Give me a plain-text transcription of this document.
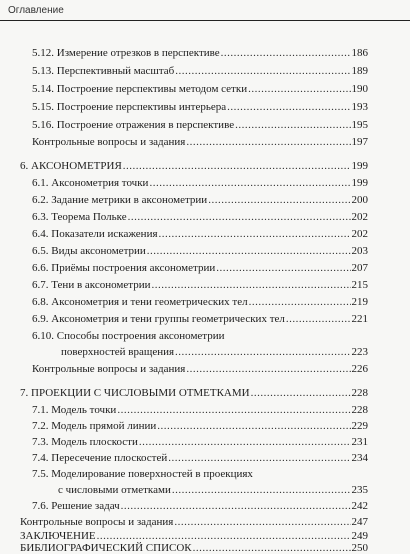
Оглавление
5.12. Измерение отрезков в перспективе .....	186
5.13. Перспективный масштаб .....	189
5.14. Построение перспективы методом сетки .....	190
5.15. Построение перспективы интерьера .....	193
5.16. Построение отражения в перспективе .....	195
Контрольные вопросы и задания .....	197
6. АКСОНОМЕТРИЯ .....	199
6.1. Аксонометрия точки .....	199
6.2. Задание метрики в аксонометрии .....	200
6.3. Теорема Польке .....	202
6.4. Показатели искажения .....	202
6.5. Виды аксонометрии .....	203
6.6. Приёмы построения аксонометрии .....	207
6.7. Тени в аксонометрии .....	215
6.8. Аксонометрия и тени геометрических тел .....	219
6.9. Аксонометрия и тени группы геометрических тел .....	221
6.10. Способы построения аксонометрии
поверхностей вращения .....	223
Контрольные вопросы и задания .....	226
7. ПРОЕКЦИИ С ЧИСЛОВЫМИ ОТМЕТКАМИ .....	228
7.1. Модель точки .....	228
7.2. Модель прямой линии .....	229
7.3. Модель плоскости .....	231
7.4. Пересечение плоскостей .....	234
7.5. Моделирование поверхностей в проекциях
с числовыми отметками .....	235
7.6. Решение задач .....	242
Контрольные вопросы и задания .....	247
ЗАКЛЮЧЕНИЕ .....	249
БИБЛИОГРАФИЧЕСКИЙ СПИСОК .....	250
